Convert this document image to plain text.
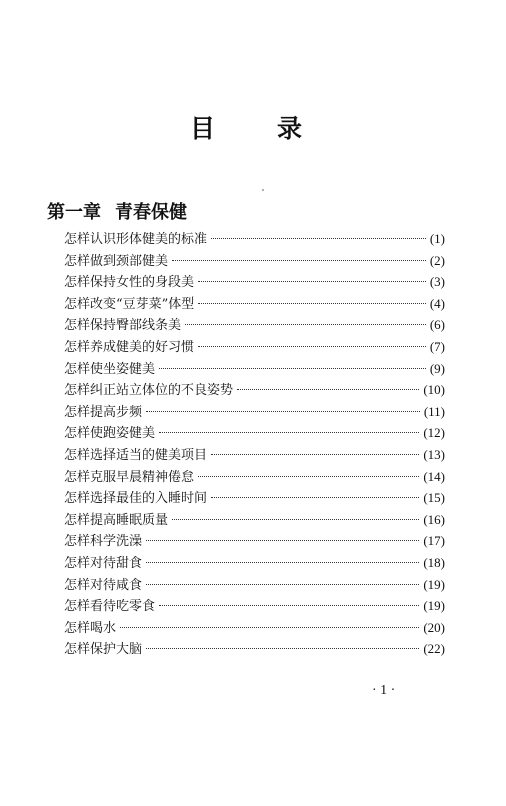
目 录
第一章 青春保健
怎样认识形体健美的标准	(1)
怎样做到颈部健美	(2)
怎样保持女性的身段美	(3)
怎样改变“豆芽菜”体型	(4)
怎样保持臀部线条美	(6)
怎样养成健美的好习惯	(7)
怎样使坐姿健美	(9)
怎样纠正站立体位的不良姿势	(10)
怎样提高步频	(11)
怎样使跑姿健美	(12)
怎样选择适当的健美项目	(13)
怎样克服早晨精神倦怠	(14)
怎样选择最佳的入睡时间	(15)
怎样提高睡眠质量	(16)
怎样科学洗澡	(17)
怎样对待甜食	(18)
怎样对待咸食	(19)
怎样看待吃零食	(19)
怎样喝水	(20)
怎样保护大脑	(22)
· 1 ·
